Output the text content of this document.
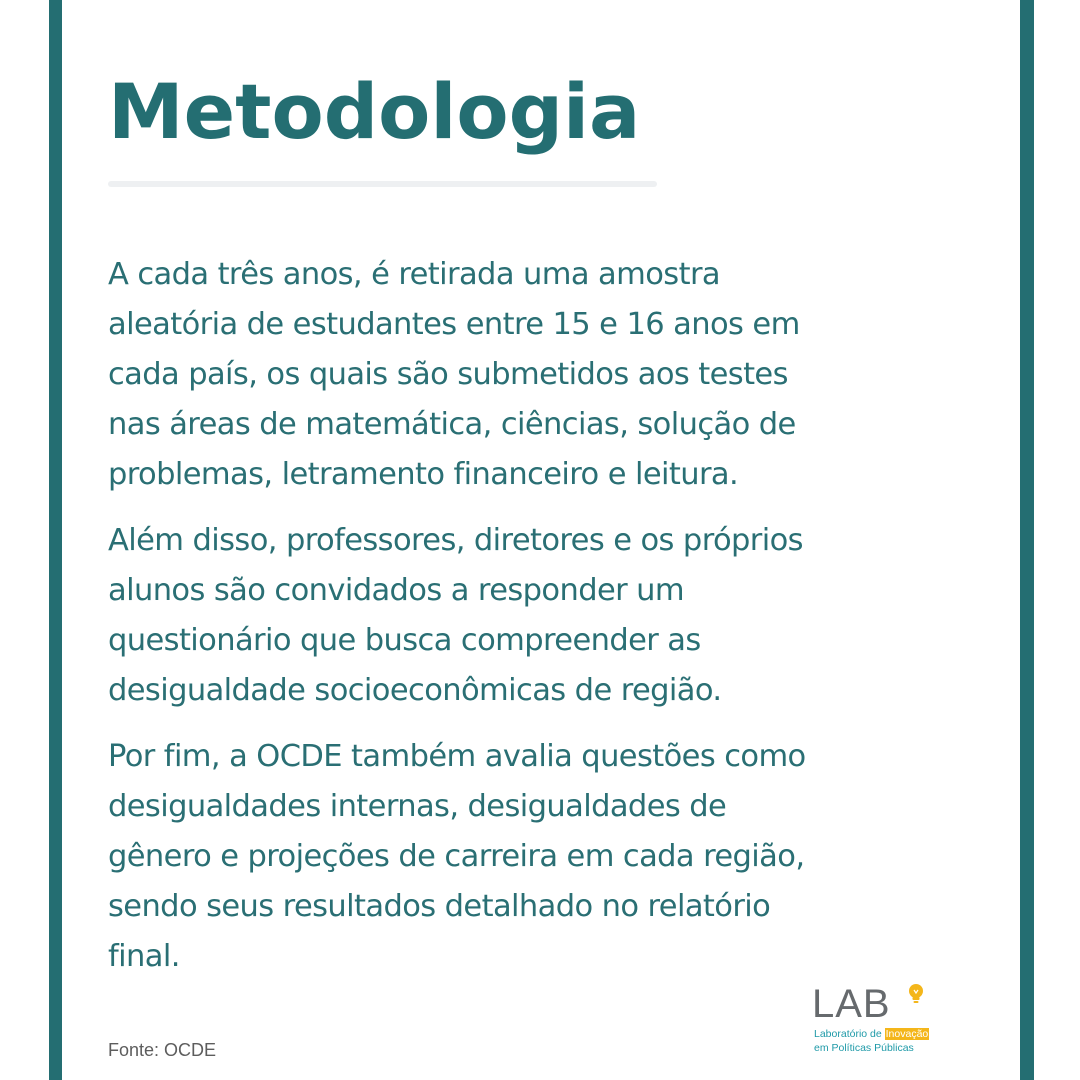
Metodologia

A cada três anos, é retirada uma amostra
aleatória de estudantes entre 15 e 16 anos em
cada país, os quais são submetidos aos testes
nas áreas de matemática, ciências, solução de
problemas, letramento financeiro e leitura.

Além disso, professores, diretores e os próprios
alunos são convidados a responder um
questionário que busca compreender as
desigualdade socioeconômicas de região.

Por fim, a OCDE também avalia questões como
desigualdades internas, desigualdades de
gênero e projeções de carreira em cada região,
sendo seus resultados detalhado no relatório
final.

Fonte: OCDE
LAB
Laboratório de Inovação
em Políticas Públicas
